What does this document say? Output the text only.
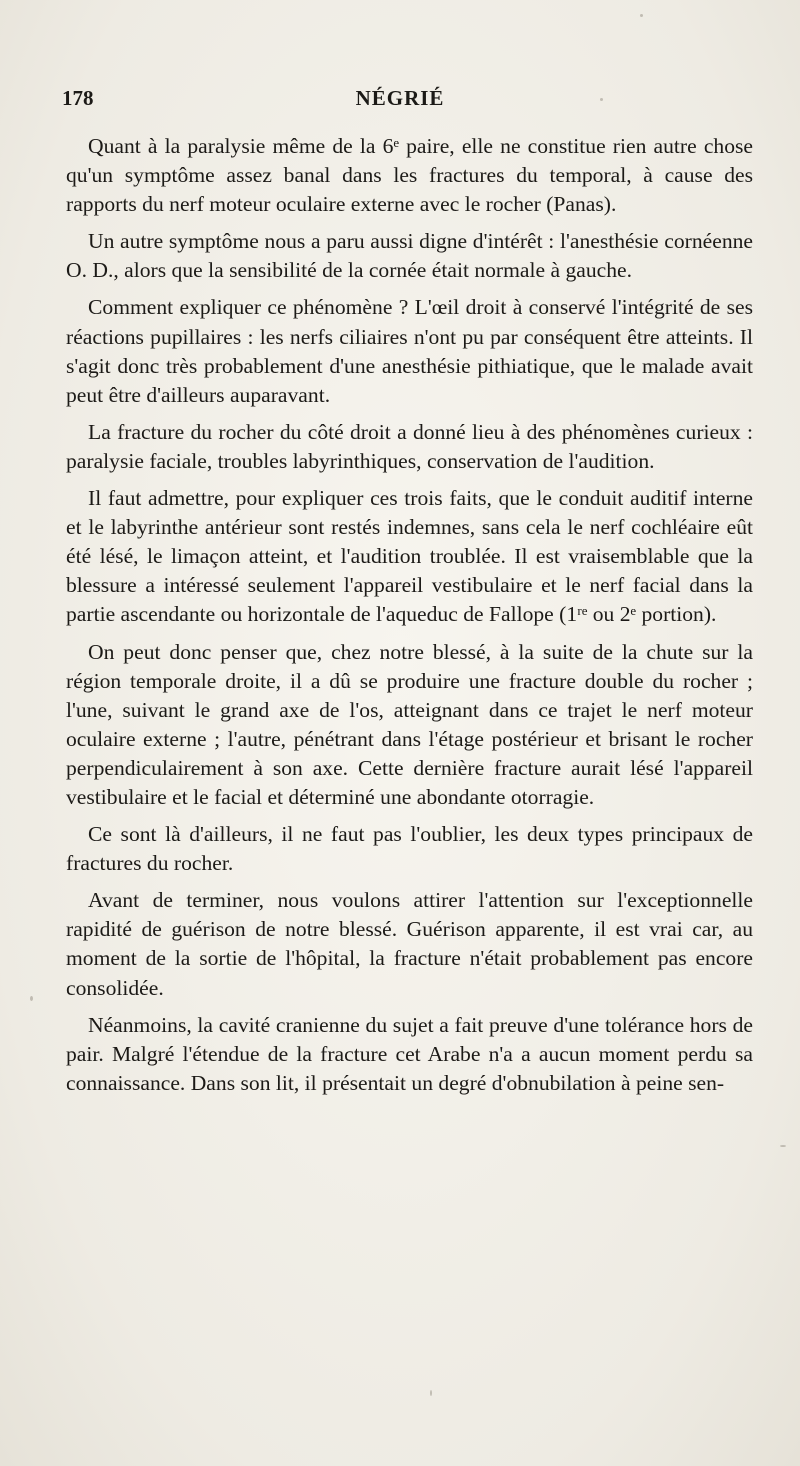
178	NÉGRIÉ

Quant à la paralysie même de la 6ᵉ paire, elle ne constitue rien autre chose qu'un symptôme assez banal dans les fractures du temporal, à cause des rapports du nerf moteur oculaire externe avec le rocher (Panas).

Un autre symptôme nous a paru aussi digne d'intérêt : l'anesthésie cornéenne O. D., alors que la sensibilité de la cornée était normale à gauche.

Comment expliquer ce phénomène ? L'œil droit à conservé l'intégrité de ses réactions pupillaires : les nerfs ciliaires n'ont pu par conséquent être atteints. Il s'agit donc très probablement d'une anesthésie pithiatique, que le malade avait peut être d'ailleurs auparavant.

La fracture du rocher du côté droit a donné lieu à des phénomènes curieux : paralysie faciale, troubles labyrinthiques, conservation de l'audition.

Il faut admettre, pour expliquer ces trois faits, que le conduit auditif interne et le labyrinthe antérieur sont restés indemnes, sans cela le nerf cochléaire eût été lésé, le limaçon atteint, et l'audition troublée. Il est vraisemblable que la blessure a intéressé seulement l'appareil vestibulaire et le nerf facial dans la partie ascendante ou horizontale de l'aqueduc de Fallope (1ʳᵉ ou 2ᵉ portion).

On peut donc penser que, chez notre blessé, à la suite de la chute sur la région temporale droite, il a dû se produire une fracture double du rocher ; l'une, suivant le grand axe de l'os, atteignant dans ce trajet le nerf moteur oculaire externe ; l'autre, pénétrant dans l'étage postérieur et brisant le rocher perpendiculairement à son axe. Cette dernière fracture aurait lésé l'appareil vestibulaire et le facial et déterminé une abondante otorragie.

Ce sont là d'ailleurs, il ne faut pas l'oublier, les deux types principaux de fractures du rocher.

Avant de terminer, nous voulons attirer l'attention sur l'exceptionnelle rapidité de guérison de notre blessé. Guérison apparente, il est vrai car, au moment de la sortie de l'hôpital, la fracture n'était probablement pas encore consolidée.

Néanmoins, la cavité cranienne du sujet a fait preuve d'une tolérance hors de pair. Malgré l'étendue de la fracture cet Arabe n'a a aucun moment perdu sa connaissance. Dans son lit, il présentait un degré d'obnubilation à peine sen-
